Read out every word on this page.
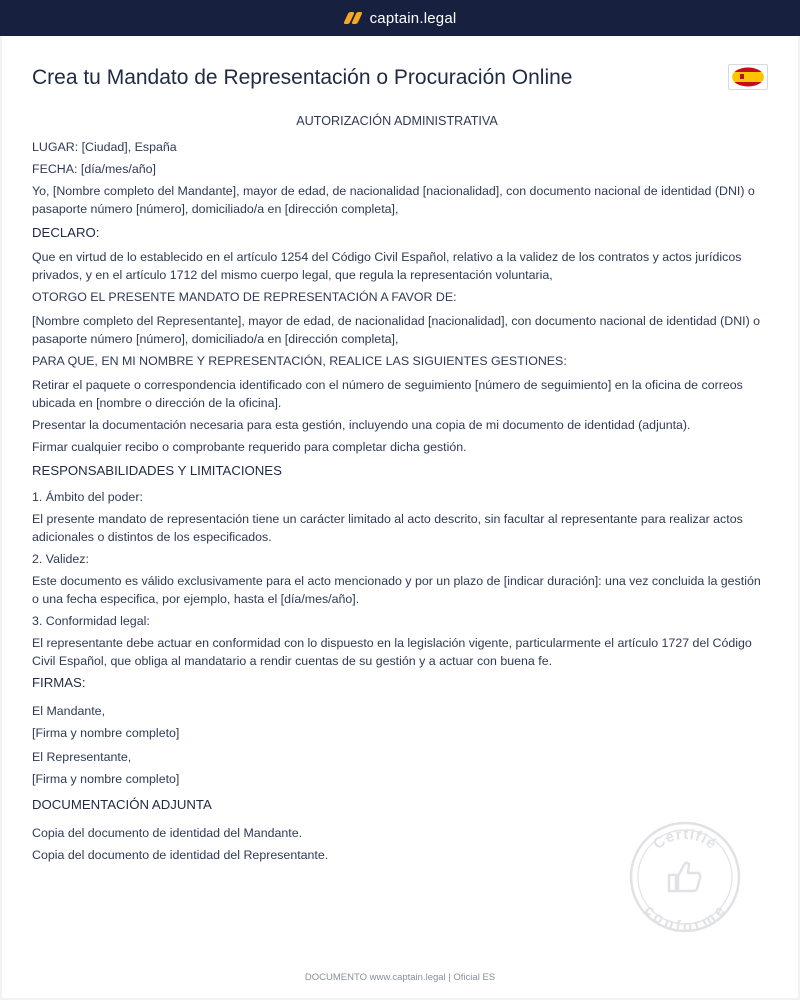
captain.legal
Crea tu Mandato de Representación o Procuración Online

AUTORIZACIÓN ADMINISTRATIVA

LUGAR: [Ciudad], España

FECHA: [día/mes/año]

Yo, [Nombre completo del Mandante], mayor de edad, de nacionalidad [nacionalidad], con documento nacional de identidad (DNI) o pasaporte número [número], domiciliado/a en [dirección completa],

DECLARO:

Que en virtud de lo establecido en el artículo 1254 del Código Civil Español, relativo a la validez de los contratos y actos jurídicos privados, y en el artículo 1712 del mismo cuerpo legal, que regula la representación voluntaria,

OTORGO EL PRESENTE MANDATO DE REPRESENTACIÓN A FAVOR DE:

[Nombre completo del Representante], mayor de edad, de nacionalidad [nacionalidad], con documento nacional de identidad (DNI) o pasaporte número [número], domiciliado/a en [dirección completa],

PARA QUE, EN MI NOMBRE Y REPRESENTACIÓN, REALICE LAS SIGUIENTES GESTIONES:

Retirar el paquete o correspondencia identificado con el número de seguimiento [número de seguimiento] en la oficina de correos ubicada en [nombre o dirección de la oficina].

Presentar la documentación necesaria para esta gestión, incluyendo una copia de mi documento de identidad (adjunta).

Firmar cualquier recibo o comprobante requerido para completar dicha gestión.

RESPONSABILIDADES Y LIMITACIONES

1. Ámbito del poder:

El presente mandato de representación tiene un carácter limitado al acto descrito, sin facultar al representante para realizar actos adicionales o distintos de los especificados.

2. Validez:

Este documento es válido exclusivamente para el acto mencionado y por un plazo de [indicar duración]: una vez concluida la gestión o una fecha especifica, por ejemplo, hasta el [día/mes/año].

3. Conformidad legal:

El representante debe actuar en conformidad con lo dispuesto en la legislación vigente, particularmente el artículo 1727 del Código Civil Español, que obliga al mandatario a rendir cuentas de su gestión y a actuar con buena fe.

FIRMAS:

El Mandante,

[Firma y nombre completo]

El Representante,

[Firma y nombre completo]

DOCUMENTACIÓN ADJUNTA

Copia del documento de identidad del Mandante.

Copia del documento de identidad del Representante.

Certifié
conforme
DOCUMENTO www.captain.legal | Oficial ES
